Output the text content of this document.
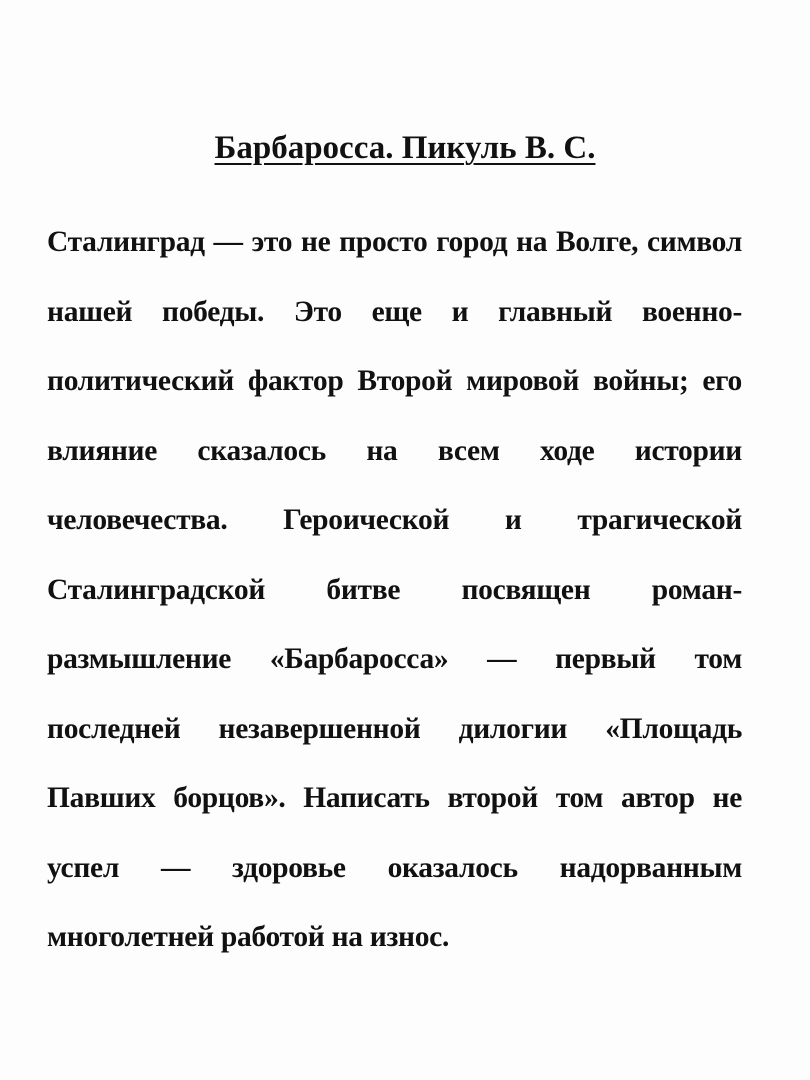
Барбаросса. Пикуль В. С.

Сталинград — это не просто город на Волге, символ
нашей победы. Это еще и главный военно-
политический фактор Второй мировой войны; его
влияние сказалось на всем ходе истории
человечества. Героической и трагической
Сталинградской битве посвящен роман-
размышление «Барбаросса» — первый том
последней незавершенной дилогии «Площадь
Павших борцов». Написать второй том автор не
успел — здоровье оказалось надорванным
многолетней работой на износ.
